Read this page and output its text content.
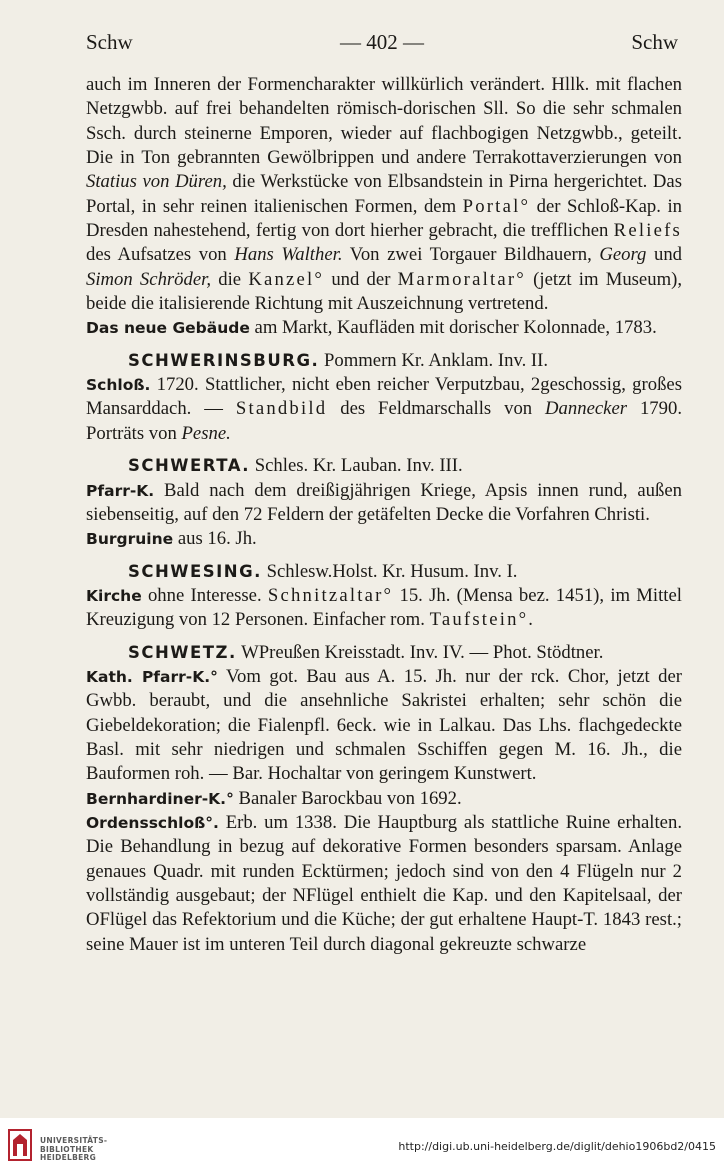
Schw	— 402 —	Schw

auch im Inneren der Formencharakter willkürlich verändert. Hllk. mit flachen Netzgwbb. auf frei behandelten römisch-dorischen Sll. So die sehr schmalen Ssch. durch steinerne Emporen, wieder auf flachbogigen Netzgwbb., geteilt. Die in Ton gebrannten Gewölbrippen und andere Terrakottaverzierungen von Statius von Düren, die Werkstücke von Elbsandstein in Pirna hergerichtet. Das Portal, in sehr reinen italienischen Formen, dem Portal° der Schloß-Kap. in Dresden nahestehend, fertig von dort hierher gebracht, die trefflichen Reliefs des Aufsatzes von Hans Walther. Von zwei Torgauer Bildhauern, Georg und Simon Schröder, die Kanzel° und der Marmoraltar° (jetzt im Museum), beide die italisierende Richtung mit Auszeichnung vertretend.

Das neue Gebäude am Markt, Kaufläden mit dorischer Kolonnade, 1783.

SCHWERINSBURG. Pommern Kr. Anklam. Inv. II.

Schloß. 1720. Stattlicher, nicht eben reicher Verputzbau, 2geschossig, großes Mansarddach. — Standbild des Feldmarschalls von Dannecker 1790. Porträts von Pesne.

SCHWERTA. Schles. Kr. Lauban. Inv. III.

Pfarr-K. Bald nach dem dreißigjährigen Kriege, Apsis innen rund, außen siebenseitig, auf den 72 Feldern der getäfelten Decke die Vorfahren Christi.

Burgruine aus 16. Jh.

SCHWESING. Schlesw.Holst. Kr. Husum. Inv. I.

Kirche ohne Interesse. Schnitzaltar° 15. Jh. (Mensa bez. 1451), im Mittel Kreuzigung von 12 Personen. Einfacher rom. Taufstein°.

SCHWETZ. WPreußen Kreisstadt. Inv. IV. — Phot. Stödtner.

Kath. Pfarr-K.° Vom got. Bau aus A. 15. Jh. nur der rck. Chor, jetzt der Gwbb. beraubt, und die ansehnliche Sakristei erhalten; sehr schön die Giebeldekoration; die Fialenpfl. 6eck. wie in Lalkau. Das Lhs. flachgedeckte Basl. mit sehr niedrigen und schmalen Sschiffen gegen M. 16. Jh., die Bauformen roh. — Bar. Hochaltar von geringem Kunstwert.

Bernhardiner-K.° Banaler Barockbau von 1692.

Ordensschloß°. Erb. um 1338. Die Hauptburg als stattliche Ruine erhalten. Die Behandlung in bezug auf dekorative Formen besonders sparsam. Anlage genaues Quadr. mit runden Ecktürmen; jedoch sind von den 4 Flügeln nur 2 vollständig ausgebaut; der NFlügel enthielt die Kap. und den Kapitelsaal, der OFlügel das Refektorium und die Küche; der gut erhaltene Haupt-T. 1843 rest.; seine Mauer ist im unteren Teil durch diagonal gekreuzte schwarze

UNIVERSITÄTS-
BIBLIOTHEK
HEIDELBERG
http://digi.ub.uni-heidelberg.de/diglit/dehio1906bd2/0415
